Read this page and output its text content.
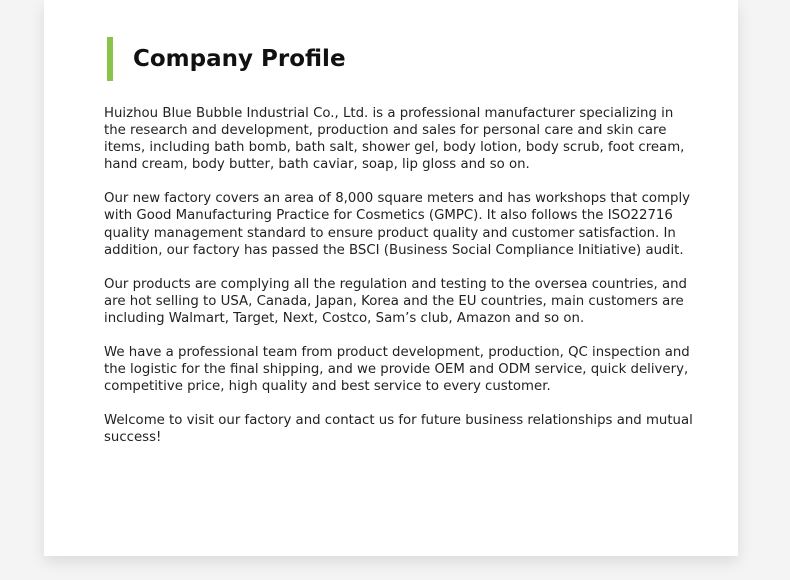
Company Profile

Huizhou Blue Bubble Industrial Co., Ltd. is a professional manufacturer specializing in the research and development, production and sales for personal care and skin care items, including bath bomb, bath salt, shower gel, body lotion, body scrub, foot cream, hand cream, body butter, bath caviar, soap, lip gloss and so on.

Our new factory covers an area of 8,000 square meters and has workshops that comply with Good Manufacturing Practice for Cosmetics (GMPC). It also follows the ISO22716 quality management standard to ensure product quality and customer satisfaction. In addition, our factory has passed the BSCI (Business Social Compliance Initiative) audit.

Our products are complying all the regulation and testing to the oversea countries, and are hot selling to USA, Canada, Japan, Korea and the EU countries, main customers are including Walmart, Target, Next, Costco, Sam’s club, Amazon and so on.

We have a professional team from product development, production, QC inspection and the logistic for the final shipping, and we provide OEM and ODM service, quick delivery, competitive price, high quality and best service to every customer.

Welcome to visit our factory and contact us for future business relationships and mutual success!
